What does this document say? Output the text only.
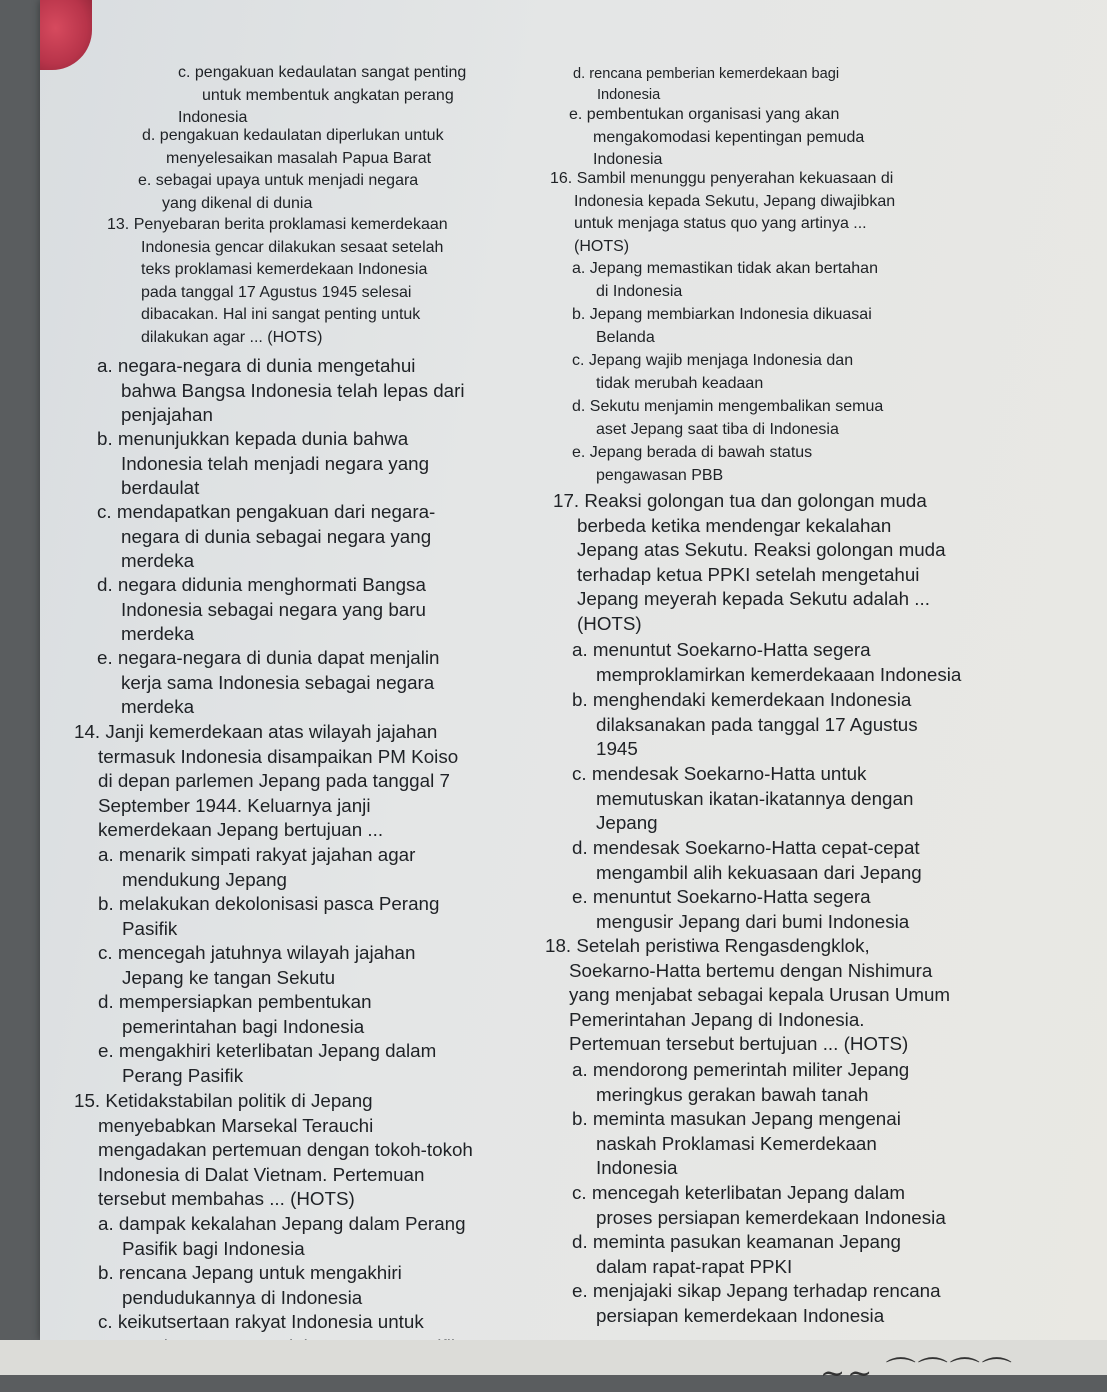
c. pengakuan kedaulatan sangat penting
untuk membentuk angkatan perang
Indonesia
d. pengakuan kedaulatan diperlukan untuk
menyelesaikan masalah Papua Barat
e. sebagai upaya untuk menjadi negara
yang dikenal di dunia
13. Penyebaran berita proklamasi kemerdekaan
Indonesia gencar dilakukan sesaat setelah
teks proklamasi kemerdekaan Indonesia
pada tanggal 17 Agustus 1945 selesai
dibacakan. Hal ini sangat penting untuk
dilakukan agar ... (HOTS)
a. negara-negara di dunia mengetahui
bahwa Bangsa Indonesia telah lepas dari
penjajahan
b. menunjukkan kepada dunia bahwa
Indonesia telah menjadi negara yang
berdaulat
c. mendapatkan pengakuan dari negara-
negara di dunia sebagai negara yang
merdeka
d. negara didunia menghormati Bangsa
Indonesia sebagai negara yang baru
merdeka
e. negara-negara di dunia dapat menjalin
kerja sama Indonesia sebagai negara
merdeka
14. Janji kemerdekaan atas wilayah jajahan
termasuk Indonesia disampaikan PM Koiso
di depan parlemen Jepang pada tanggal 7
September 1944. Keluarnya janji
kemerdekaan Jepang bertujuan ...
a. menarik simpati rakyat jajahan agar
mendukung Jepang
b. melakukan dekolonisasi pasca Perang
Pasifik
c. mencegah jatuhnya wilayah jajahan
Jepang ke tangan Sekutu
d. mempersiapkan pembentukan
pemerintahan bagi Indonesia
e. mengakhiri keterlibatan Jepang dalam
Perang Pasifik
15. Ketidakstabilan politik di Jepang
menyebabkan Marsekal Terauchi
mengadakan pertemuan dengan tokoh-tokoh
Indonesia di Dalat Vietnam. Pertemuan
tersebut membahas ... (HOTS)
a. dampak kekalahan Jepang dalam Perang
Pasifik bagi Indonesia
b. rencana Jepang untuk mengakhiri
pendudukannya di Indonesia
c. keikutsertaan rakyat Indonesia untuk
d. rencana pemberian kemerdekaan bagi
Indonesia
e. pembentukan organisasi yang akan
mengakomodasi kepentingan pemuda
Indonesia
16. Sambil menunggu penyerahan kekuasaan di
Indonesia kepada Sekutu, Jepang diwajibkan
untuk menjaga status quo yang artinya ...
(HOTS)
a. Jepang memastikan tidak akan bertahan
di Indonesia
b. Jepang membiarkan Indonesia dikuasai
Belanda
c. Jepang wajib menjaga Indonesia dan
tidak merubah keadaan
d. Sekutu menjamin mengembalikan semua
aset Jepang saat tiba di Indonesia
e. Jepang berada di bawah status
pengawasan PBB
17. Reaksi golongan tua dan golongan muda
berbeda ketika mendengar kekalahan
Jepang atas Sekutu. Reaksi golongan muda
terhadap ketua PPKI setelah mengetahui
Jepang meyerah kepada Sekutu adalah ...
(HOTS)
a. menuntut Soekarno-Hatta segera
memproklamirkan kemerdekaaan Indonesia
b. menghendaki kemerdekaan Indonesia
dilaksanakan pada tanggal 17 Agustus
1945
c. mendesak Soekarno-Hatta untuk
memutuskan ikatan-ikatannya dengan
Jepang
d. mendesak Soekarno-Hatta cepat-cepat
mengambil alih kekuasaan dari Jepang
e. menuntut Soekarno-Hatta segera
mengusir Jepang dari bumi Indonesia
18. Setelah peristiwa Rengasdengklok,
Soekarno-Hatta bertemu dengan Nishimura
yang menjabat sebagai kepala Urusan Umum
Pemerintahan Jepang di Indonesia.
Pertemuan tersebut bertujuan ... (HOTS)
a. mendorong pemerintah militer Jepang
meringkus gerakan bawah tanah
b. meminta masukan Jepang mengenai
naskah Proklamasi Kemerdekaan
Indonesia
c. mencegah keterlibatan Jepang dalam
proses persiapan kemerdekaan Indonesia
d. meminta pasukan keamanan Jepang
dalam rapat-rapat PPKI
e. menjajaki sikap Jepang terhadap rencana
persiapan kemerdekaan Indonesia
~~ ⌒⌒⌒⌒
